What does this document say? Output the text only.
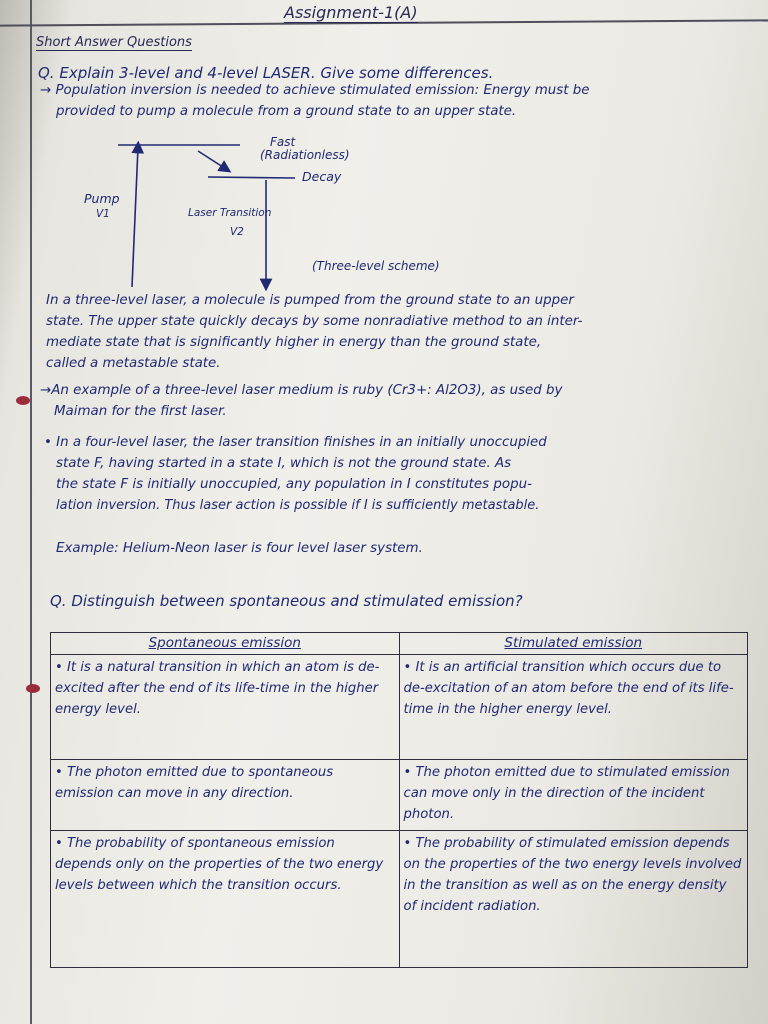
Assignment-1(A)
Short Answer Questions
Q. Explain 3-level and 4-level LASER. Give some differences.
→ Population inversion is needed to achieve stimulated emission: Energy must be
provided to pump a molecule from a ground state to an upper state.
Fast
(Radiationless)
Decay
Pump
V1	Laser Transition
V2
(Three-level scheme)
In a three-level laser, a molecule is pumped from the ground state to an upper
state. The upper state quickly decays by some nonradiative method to an inter-
mediate state that is significantly higher in energy than the ground state,
called a metastable state.
→An example of a three-level laser medium is ruby (Cr3+: Al2O3), as used by
Maiman for the first laser.
• In a four-level laser, the laser transition finishes in an initially unoccupied
state F, having started in a state I, which is not the ground state. As
the state F is initially unoccupied, any population in I constitutes popu-
lation inversion. Thus laser action is possible if I is sufficiently metastable.
Example: Helium-Neon laser is four level laser system.
Q. Distinguish between spontaneous and stimulated emission?
Spontaneous emission	Stimulated emission
• It is a natural transition in which an atom is de-excited after the end of its life-time in the higher energy level.	• It is an artificial transition which occurs due to de-excitation of an atom before the end of its life-time in the higher energy level.
• The photon emitted due to spontaneous emission can move in any direction.	• The photon emitted due to stimulated emission can move only in the direction of the incident photon.
• The probability of spontaneous emission depends only on the properties of the two energy levels between which the transition occurs.	• The probability of stimulated emission depends on the properties of the two energy levels involved in the transition as well as on the energy density of incident radiation.
